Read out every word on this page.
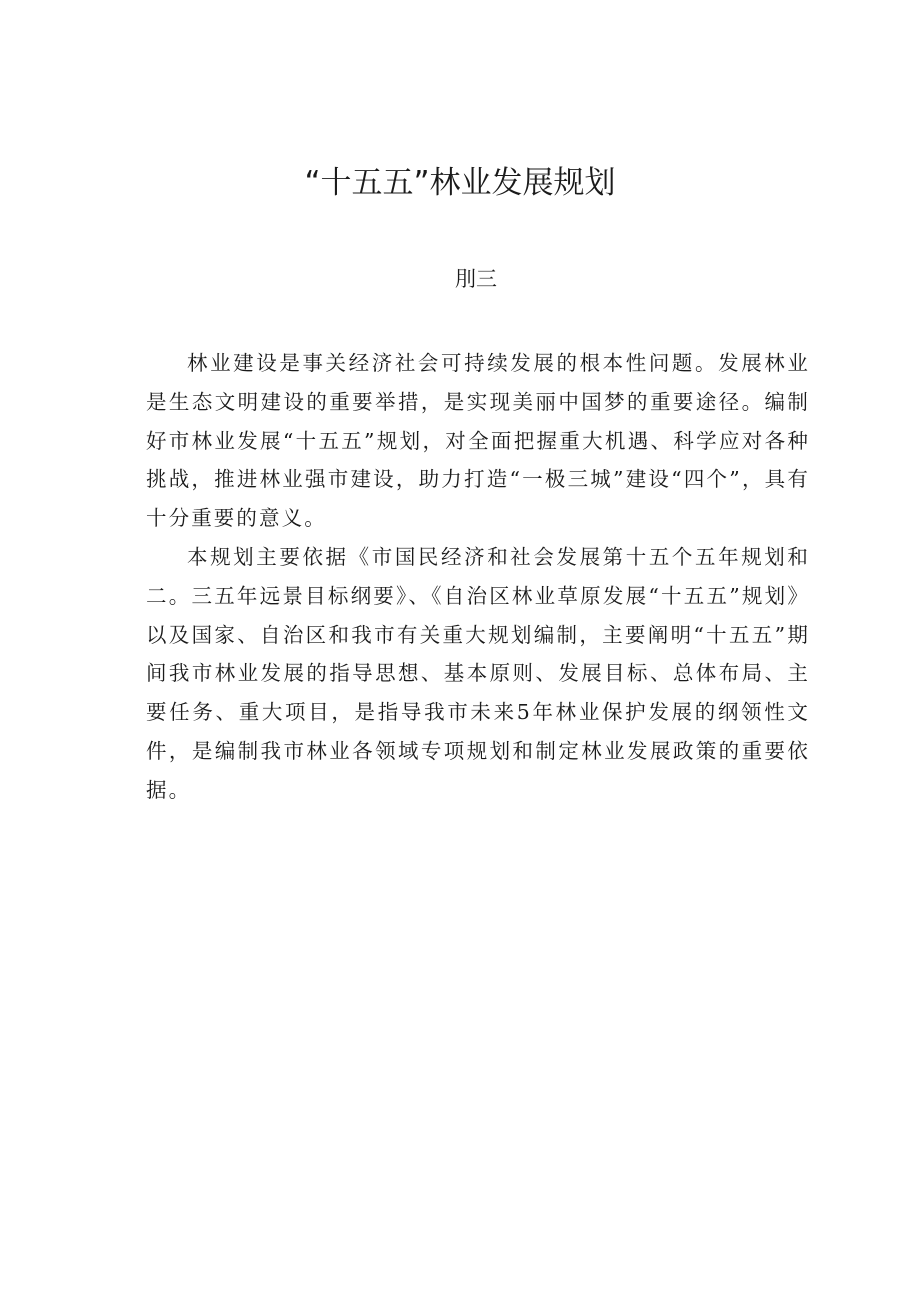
“十五五”林业发展规划
刖三

林业建设是事关经济社会可持续发展的根本性问题。发展林业是生态文明建设的重要举措，是实现美丽中国梦的重要途径。编制好市林业发展“十五五”规划，对全面把握重大机遇、科学应对各种挑战，推进林业强市建设，助力打造“一极三城”建设“四个”，具有十分重要的意义。

本规划主要依据《市国民经济和社会发展第十五个五年规划和二。三五年远景目标纲要》、《自治区林业草原发展“十五五”规划》以及国家、自治区和我市有关重大规划编制，主要阐明“十五五”期间我市林业发展的指导思想、基本原则、发展目标、总体布局、主要任务、重大项目，是指导我市未来5年林业保护发展的纲领性文件，是编制我市林业各领域专项规划和制定林业发展政策的重要依据。
